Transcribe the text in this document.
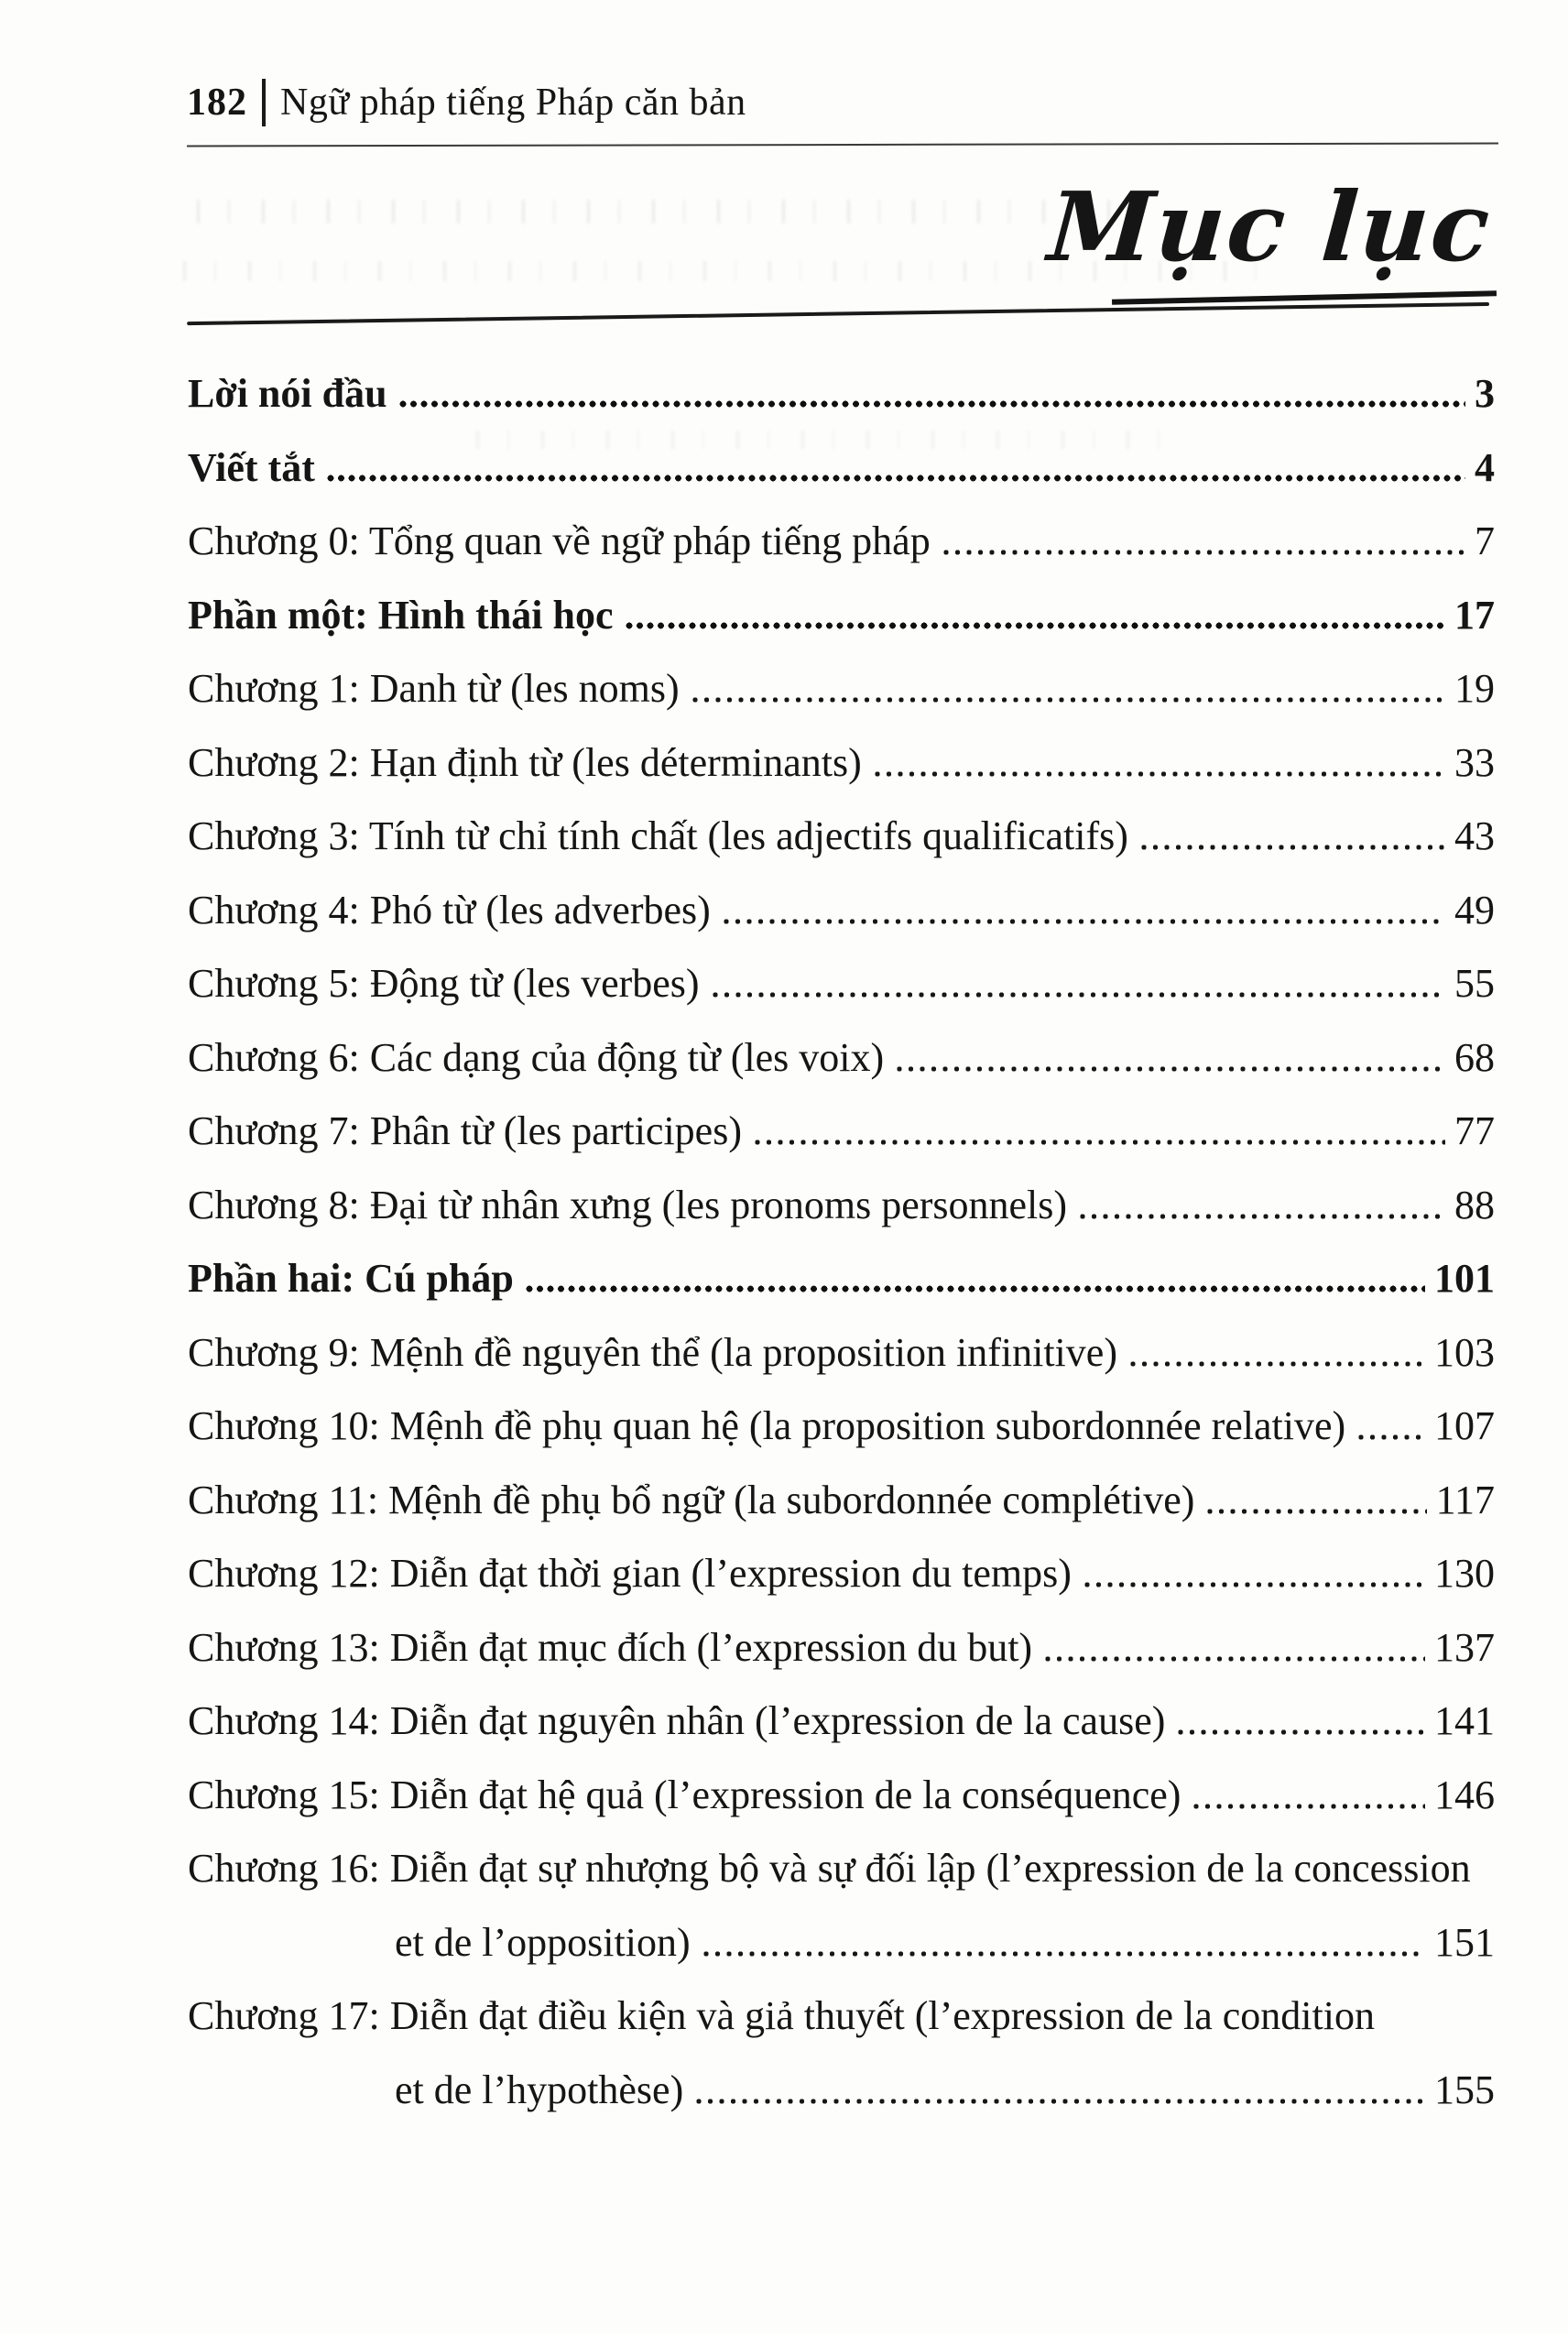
182 Ngữ pháp tiếng Pháp căn bản
Mục lục
Lời nói đầu	3
Viết tắt	4
Chương 0: Tổng quan về ngữ pháp tiếng pháp	7
Phần một: Hình thái học	17
Chương 1: Danh từ (les noms)	19
Chương 2: Hạn định từ (les déterminants)	33
Chương 3: Tính từ chỉ tính chất (les adjectifs qualificatifs)	43
Chương 4: Phó từ (les adverbes)	49
Chương 5: Động từ (les verbes)	55
Chương 6: Các dạng của động từ (les voix)	68
Chương 7: Phân từ (les participes)	77
Chương 8: Đại từ nhân xưng (les pronoms personnels)	88
Phần hai: Cú pháp	101
Chương 9: Mệnh đề nguyên thể (la proposition infinitive)	103
Chương 10: Mệnh đề phụ quan hệ (la proposition subordonnée relative) 107
Chương 11: Mệnh đề phụ bổ ngữ (la subordonnée complétive)	117
Chương 12: Diễn đạt thời gian (l’expression du temps)	130
Chương 13: Diễn đạt mục đích (l’expression du but)	137
Chương 14: Diễn đạt nguyên nhân (l’expression de la cause)	141
Chương 15: Diễn đạt hệ quả (l’expression de la conséquence)	146
Chương 16: Diễn đạt sự nhượng bộ và sự đối lập (l’expression de la concession
et de l’opposition)	151
Chương 17: Diễn đạt điều kiện và giả thuyết (l’expression de la condition
et de l’hypothèse)	155
